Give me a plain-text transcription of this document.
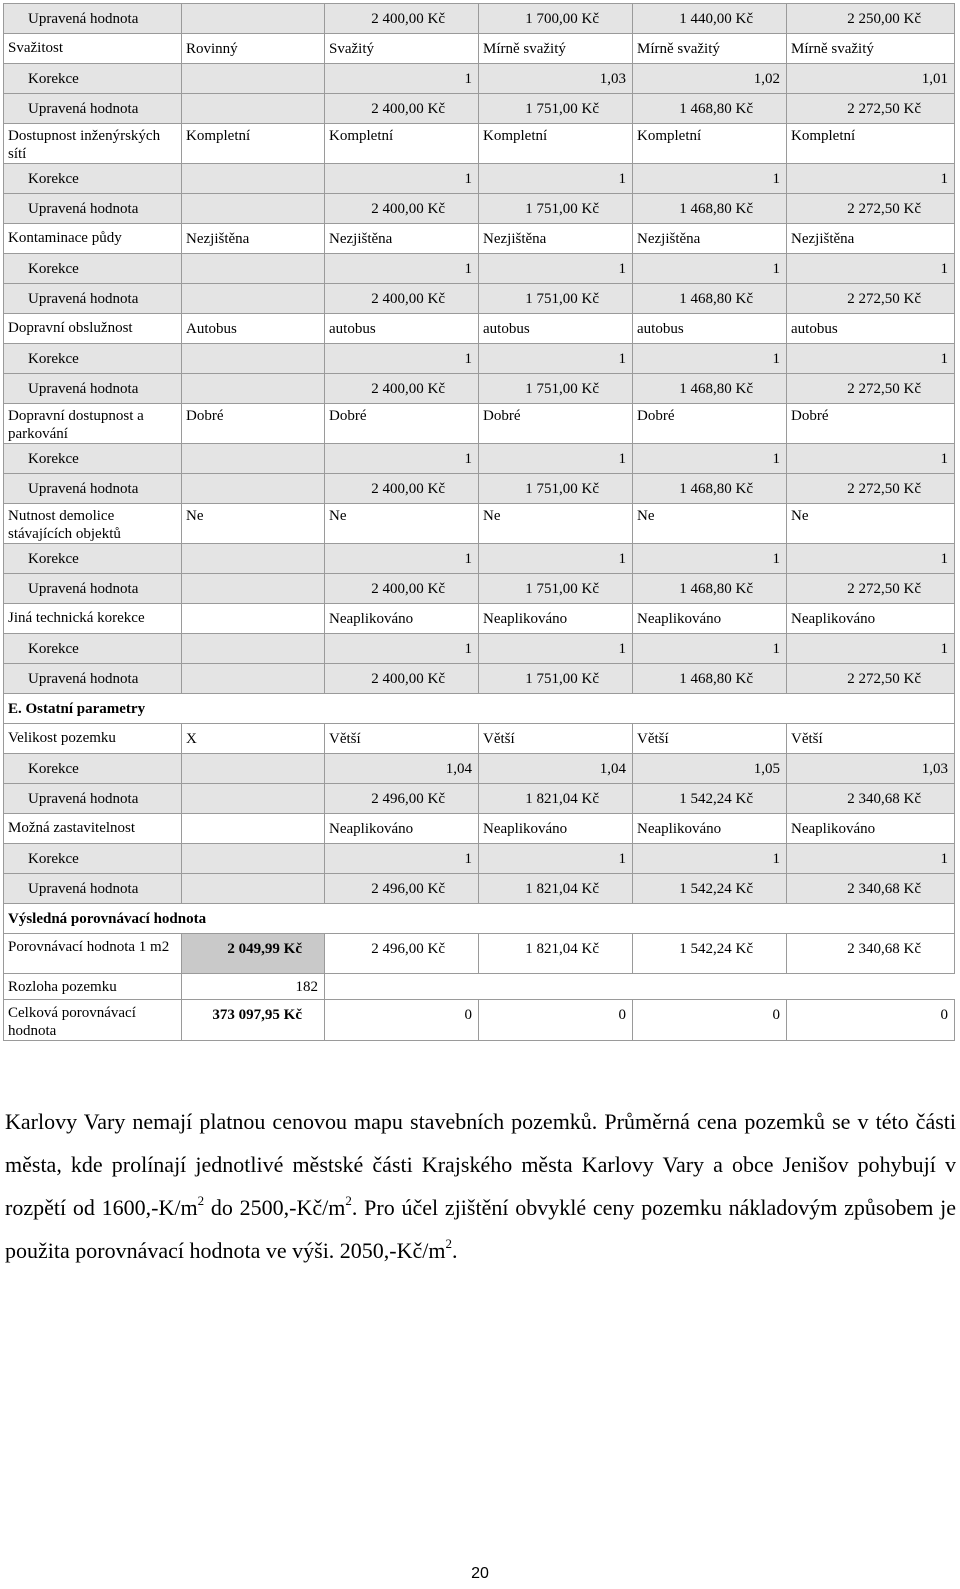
Upravená hodnota		2 400,00 Kč	1 700,00 Kč	1 440,00 Kč	2 250,00 Kč
Svažitost	Rovinný	Svažitý	Mírně svažitý	Mírně svažitý	Mírně svažitý
Korekce		1	1,03	1,02	1,01
Upravená hodnota		2 400,00 Kč	1 751,00 Kč	1 468,80 Kč	2 272,50 Kč
Dostupnost inženýrských sítí	Kompletní	Kompletní	Kompletní	Kompletní	Kompletní
Korekce		1	1	1	1
Upravená hodnota		2 400,00 Kč	1 751,00 Kč	1 468,80 Kč	2 272,50 Kč
Kontaminace půdy	Nezjištěna	Nezjištěna	Nezjištěna	Nezjištěna	Nezjištěna
Korekce		1	1	1	1
Upravená hodnota		2 400,00 Kč	1 751,00 Kč	1 468,80 Kč	2 272,50 Kč
Dopravní obslužnost	Autobus	autobus	autobus	autobus	autobus
Korekce		1	1	1	1
Upravená hodnota		2 400,00 Kč	1 751,00 Kč	1 468,80 Kč	2 272,50 Kč
Dopravní dostupnost a parkování	Dobré	Dobré	Dobré	Dobré	Dobré
Korekce		1	1	1	1
Upravená hodnota		2 400,00 Kč	1 751,00 Kč	1 468,80 Kč	2 272,50 Kč
Nutnost demolice stávajících objektů	Ne	Ne	Ne	Ne	Ne
Korekce		1	1	1	1
Upravená hodnota		2 400,00 Kč	1 751,00 Kč	1 468,80 Kč	2 272,50 Kč
Jiná technická korekce		Neaplikováno	Neaplikováno	Neaplikováno	Neaplikováno
Korekce		1	1	1	1
Upravená hodnota		2 400,00 Kč	1 751,00 Kč	1 468,80 Kč	2 272,50 Kč
E. Ostatní parametry					
Velikost pozemku	X	Větší	Větší	Větší	Větší
Korekce		1,04	1,04	1,05	1,03
Upravená hodnota		2 496,00 Kč	1 821,04 Kč	1 542,24 Kč	2 340,68 Kč
Možná zastavitelnost		Neaplikováno	Neaplikováno	Neaplikováno	Neaplikováno
Korekce		1	1	1	1
Upravená hodnota		2 496,00 Kč	1 821,04 Kč	1 542,24 Kč	2 340,68 Kč
Výsledná porovnávací hodnota					
Porovnávací hodnota 1 m2	2 049,99 Kč	2 496,00 Kč	1 821,04 Kč	1 542,24 Kč	2 340,68 Kč
Rozloha pozemku	182				
Celková porovnávací hodnota	373 097,95 Kč	0	0	0	0

Karlovy Vary nemají platnou cenovou mapu stavebních pozemků. Průměrná cena pozemků se v této části města, kde prolínají jednotlivé městské části Krajského města Karlovy Vary a obce Jenišov pohybují v rozpětí od $1600,-K/m^2$ do $2500,-Kč/m^2$. Pro účel zjištění obvyklé ceny pozemku nákladovým způsobem je použita porovnávací hodnota ve výši. $2050,-Kč/m^2$.

20
